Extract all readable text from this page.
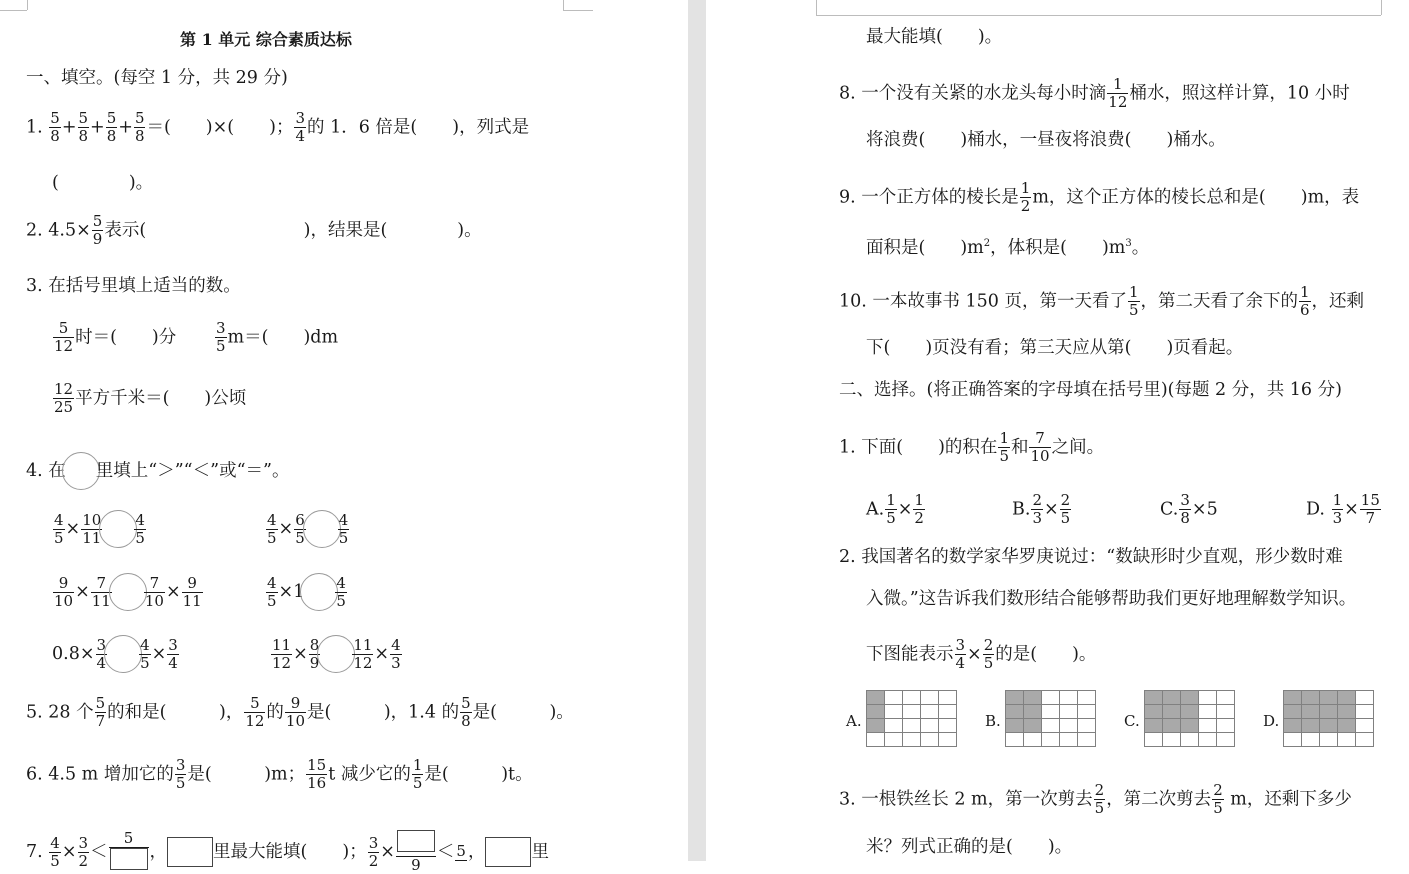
第 1 单元 综合素质达标
一、填空。(每空 1 分，共 29 分)
1. $\frac{5}{8} + \frac{5}{8} + \frac{5}{8} + \frac{5}{8}$ ＝(　　)×(　　)； $\frac{3}{4}$ 的 1．6 倍是(　　)，列式是
(　　　　)。
2. $4.5\times \frac{5}{9}$ 表示(　　　　　　　　　)，结果是(　　　　)。
3. 在括号里填上适当的数。
$\frac{5}{12}$ 时＝(　　)分	$\frac{3}{5} m=$(　　)dm
$\frac{12}{25}$ 平方千米＝(　　)公顷
4. 在 里填上“＞”“＜”或“＝”。
$\frac{4}{5} \times \frac{10}{11} \frac{4}{5}$	$\frac{4}{5} \times \frac{6}{5} \frac{4}{5}$
$\frac{9}{10} \times \frac{7}{11} \frac{7}{10} \times \frac{9}{11}$	$\frac{4}{5} \times 1 \frac{4}{5}$
$0.8\times \frac{3}{4} \frac{4}{5} \times \frac{3}{4}$	$\frac{11}{12} \times \frac{8}{9} \frac{11}{12} \times \frac{4}{3}$
5. 28 个 $\frac{5}{7}$ 的和是(　　　)， $\frac{5}{12}$ 的 $\frac{9}{10}$ 是(　　　)，1.4 的 $\frac{5}{8}$ 是(　　　)。
6. 4.5 m 增加它的 $\frac{3}{5}$ 是(　　　)m； $\frac{15}{16}$ t 减少它的 $\frac{1}{5}$ 是(　　　)t。
7. $\frac{4}{5} \times \frac{3}{2}$ ＜
5
，	里最大能填(　　)； $\frac{3}{2}$ ×
9
＜ 5 ，	里
最大能填(　　)。
8. 一个没有关紧的水龙头每小时滴 $\frac{1}{12}$ 桶水，照这样计算，10 小时
将浪费(　　)桶水，一昼夜将浪费(　　)桶水。
9. 一个正方体的棱长是 $\frac{1}{2}$ m，这个正方体的棱长总和是(　　)m，表
面积是(　　)$m^2$，体积是(　　)$m^3$。
10. 一本故事书 150 页，第一天看了 $\frac{1}{5}$ ，第二天看了余下的 $\frac{1}{6}$ ，还剩
下(　　)页没有看；第三天应从第(　　)页看起。
二、选择。(将正确答案的字母填在括号里)(每题 2 分，共 16 分)
1. 下面(　　)的积在 $\frac{1}{5}$ 和 $\frac{7}{10}$ 之间。
A. $\frac{1}{5} \times \frac{1}{2}$	B. $\frac{2}{3} \times \frac{2}{5}$	C. $\frac{3}{8} \times 5$	D. $\frac{1}{3} \times \frac{15}{7}$
2. 我国著名的数学家华罗庚说过：“数缺形时少直观，形少数时难
入微。”这告诉我们数形结合能够帮助我们更好地理解数学知识。
下图能表示 $\frac{3}{4} \times \frac{2}{5}$ 的是(　　)。
A.	B.	C.	D.

3. 一根铁丝长 2 m，第一次剪去 $\frac{2}{5}$ ，第二次剪去 $\frac{2}{5}$ m，还剩下多少
米？列式正确的是(　　)。
